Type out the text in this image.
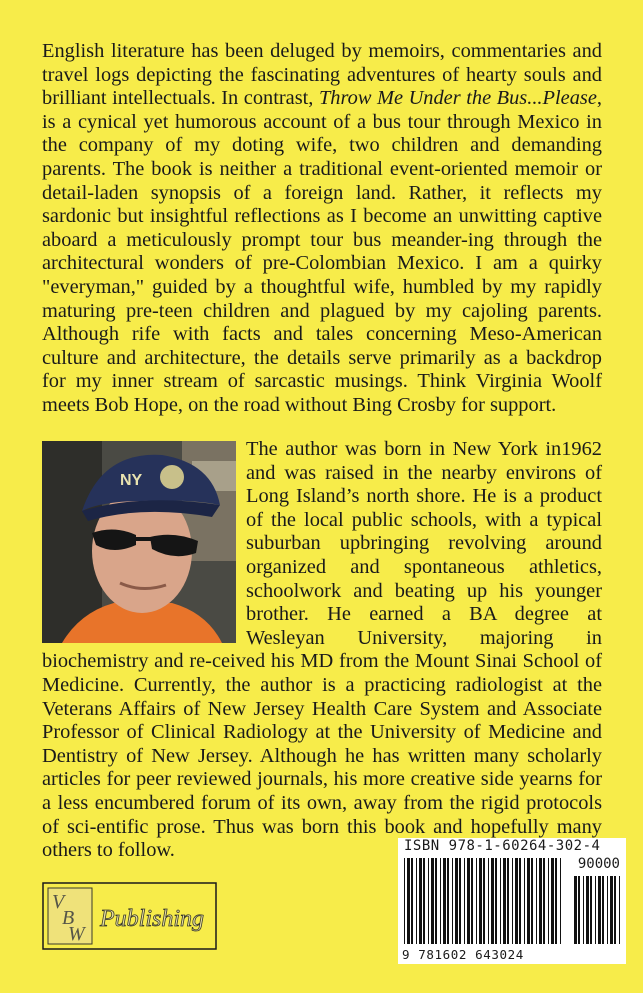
English literature has been deluged by memoirs, commentaries and travel logs depicting the fascinating adventures of hearty souls and brilliant intellectuals. In contrast, Throw Me Under the Bus...Please, is a cynical yet humorous account of a bus tour through Mexico in the company of my doting wife, two children and demanding parents. The book is neither a traditional event-oriented memoir or detail-laden synopsis of a foreign land. Rather, it reflects my sardonic but insightful reflections as I become an unwitting captive aboard a meticulously prompt tour bus meander-ing through the architectural wonders of pre-Colombian Mexico. I am a quirky "everyman," guided by a thoughtful wife, humbled by my rapidly maturing pre-teen children and plagued by my cajoling parents. Although rife with facts and tales concerning Meso-American culture and architecture, the details serve primarily as a backdrop for my inner stream of sarcastic musings. Think Virginia Woolf meets Bob Hope, on the road without Bing Crosby for support.

The author was born in New York in1962 and was raised in the nearby environs of Long Island’s north shore. He is a product of the local public schools, with a typical suburban upbringing revolving around organized and spontaneous athletics, schoolwork and beating up his younger brother. He earned a BA degree at Wesleyan University, majoring in biochemistry and re-ceived his MD from the Mount Sinai School of Medicine. Currently, the author is a practicing radiologist at the Veterans Affairs of New Jersey Health Care System and Associate Professor of Clinical Radiology at the University of Medicine and Dentistry of New Jersey. Although he has written many scholarly articles for peer reviewed journals, his more creative side yearns for a less encumbered forum of its own, away from the rigid protocols of sci-entific prose. Thus was born this book and hopefully many others to follow.

NY
ISBN 978-1-60264-302-4
90000
9 781602 643024
V
B
W
Publishing
